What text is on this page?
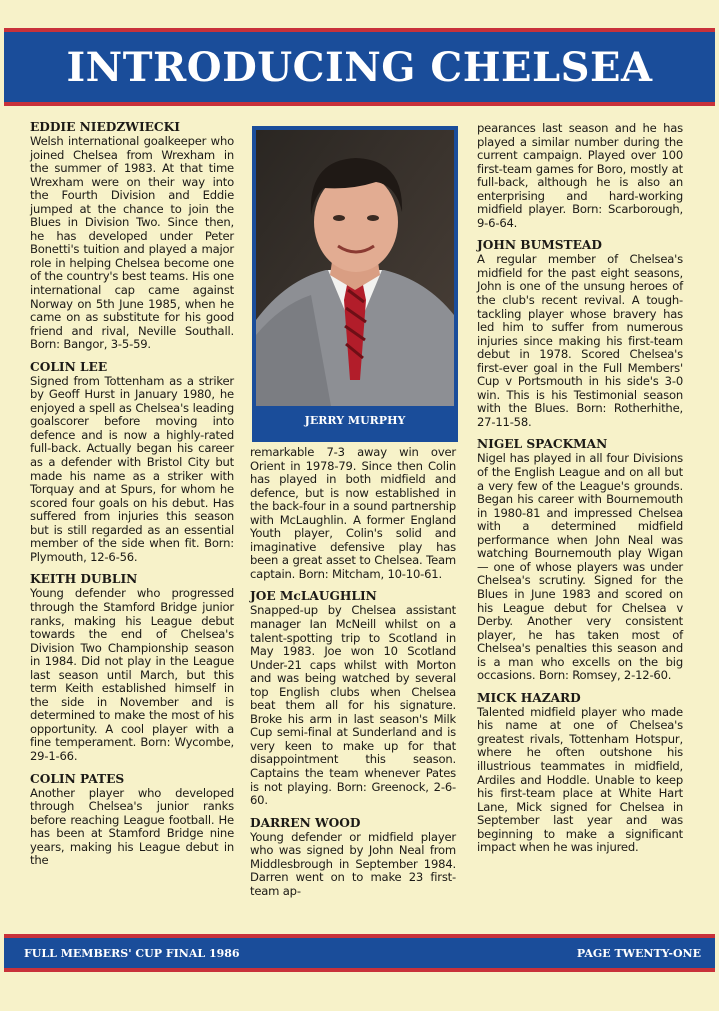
INTRODUCING CHELSEA
EDDIE NIEDZWIECKI

Welsh international goalkeeper who joined Chelsea from Wrexham in the summer of 1983. At that time Wrexham were on their way into the Fourth Division and Eddie jumped at the chance to join the Blues in Division Two. Since then, he has developed under Peter Bonetti's tuition and played a major role in helping Chelsea become one of the country's best teams. His one international cap came against Norway on 5th June 1985, when he came on as substitute for his good friend and rival, Neville Southall. Born: Bangor, 3-5-59.

COLIN LEE

Signed from Tottenham as a striker by Geoff Hurst in January 1980, he enjoyed a spell as Chelsea's leading goalscorer before moving into defence and is now a highly-rated full-back. Actually began his career as a defender with Bristol City but made his name as a striker with Torquay and at Spurs, for whom he scored four goals on his debut. Has suffered from injuries this season but is still regarded as an essential member of the side when fit. Born: Plymouth, 12-6-56.

KEITH DUBLIN

Young defender who progressed through the Stamford Bridge junior ranks, making his League debut towards the end of Chelsea's Division Two Championship season in 1984. Did not play in the League last season until March, but this term Keith established himself in the side in November and is determined to make the most of his opportunity. A cool player with a fine temperament. Born: Wycombe, 29-1-66.

COLIN PATES

Another player who developed through Chelsea's junior ranks before reaching League football. He has been at Stamford Bridge nine years, making his League debut in the

JERRY MURPHY

remarkable 7-3 away win over Orient in 1978-79. Since then Colin has played in both midfield and defence, but is now established in the back-four in a sound partnership with McLaughlin. A former England Youth player, Colin's solid and imaginative defensive play has been a great asset to Chelsea. Team captain. Born: Mitcham, 10-10-61.

JOE McLAUGHLIN

Snapped-up by Chelsea assistant manager Ian McNeill whilst on a talent-spotting trip to Scotland in May 1983. Joe won 10 Scotland Under-21 caps whilst with Morton and was being watched by several top English clubs when Chelsea beat them all for his signature. Broke his arm in last season's Milk Cup semi-final at Sunderland and is very keen to make up for that disappointment this season. Captains the team whenever Pates is not playing. Born: Greenock, 2-6-60.

DARREN WOOD

Young defender or midfield player who was signed by John Neal from Middlesbrough in September 1984. Darren went on to make 23 first-team ap-

pearances last season and he has played a similar number during the current campaign. Played over 100 first-team games for Boro, mostly at full-back, although he is also an enterprising and hard-working midfield player. Born: Scarborough, 9-6-64.

JOHN BUMSTEAD

A regular member of Chelsea's midfield for the past eight seasons, John is one of the unsung heroes of the club's recent revival. A tough-tackling player whose bravery has led him to suffer from numerous injuries since making his first-team debut in 1978. Scored Chelsea's first-ever goal in the Full Members' Cup v Portsmouth in his side's 3-0 win. This is his Testimonial season with the Blues. Born: Rotherhithe, 27-11-58.

NIGEL SPACKMAN

Nigel has played in all four Divisions of the English League and on all but a very few of the League's grounds. Began his career with Bournemouth in 1980-81 and impressed Chelsea with a determined midfield performance when John Neal was watching Bournemouth play Wigan — one of whose players was under Chelsea's scrutiny. Signed for the Blues in June 1983 and scored on his League debut for Chelsea v Derby. Another very consistent player, he has taken most of Chelsea's penalties this season and is a man who excells on the big occasions. Born: Romsey, 2-12-60.

MICK HAZARD

Talented midfield player who made his name at one of Chelsea's greatest rivals, Tottenham Hotspur, where he often outshone his illustrious teammates in midfield, Ardiles and Hoddle. Unable to keep his first-team place at White Hart Lane, Mick signed for Chelsea in September last year and was beginning to make a significant impact when he was injured.

FULL MEMBERS' CUP FINAL 1986	PAGE TWENTY-ONE
